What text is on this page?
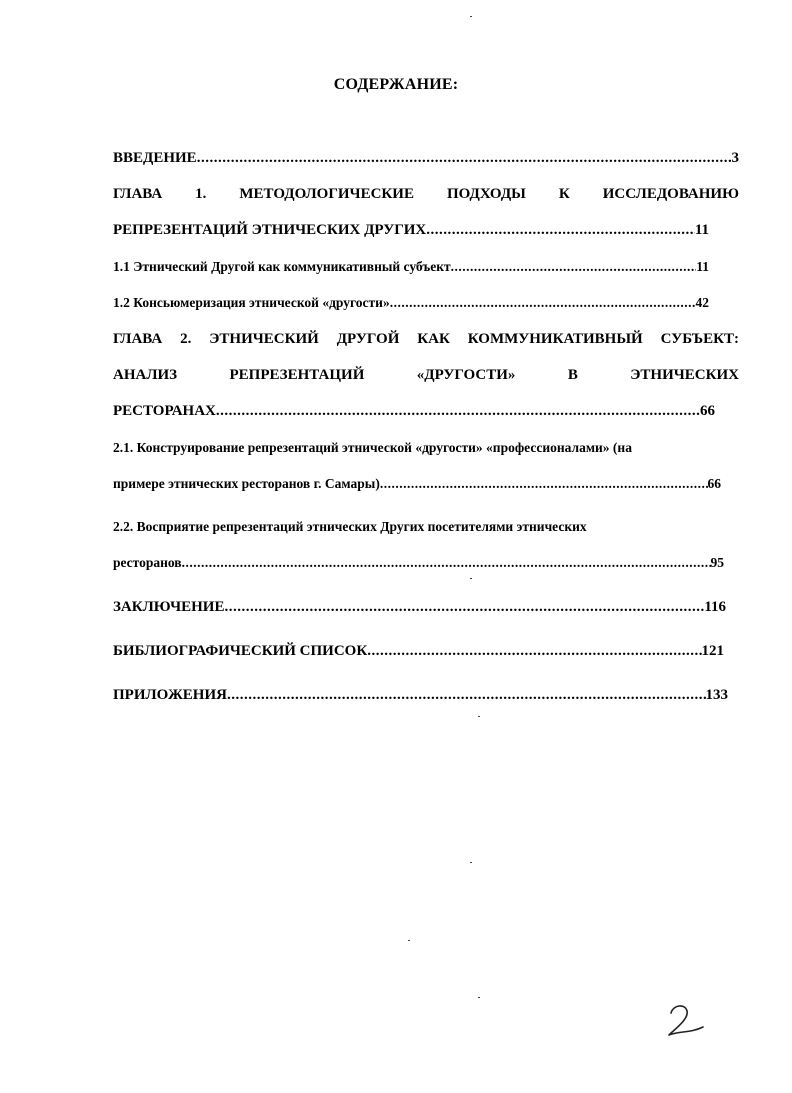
СОДЕРЖАНИЕ:
ВВЕДЕНИЕ .....	3
ГЛАВА 1. МЕТОДОЛОГИЧЕСКИЕ ПОДХОДЫ К ИССЛЕДОВАНИЮ
РЕПРЕЗЕНТАЦИЙ ЭТНИЧЕСКИХ ДРУГИХ .....	11
1.1 Этнический Другой как коммуникативный субъект .....	11
1.2 Консьюмеризация этнической «другости» .....	42
ГЛАВА 2. ЭТНИЧЕСКИЙ ДРУГОЙ КАК КОММУНИКАТИВНЫЙ СУБЪЕКТ:
АНАЛИЗ	РЕПРЕЗЕНТАЦИЙ	«ДРУГОСТИ»	В	ЭТНИЧЕСКИХ
РЕСТОРАНАХ .....	66
2.1. Конструирование репрезентаций этнической «другости» «профессионалами» (на
примере этнических ресторанов г. Самары) .....	66
2.2. Восприятие репрезентаций этнических Других посетителями этнических
ресторанов .....	95
ЗАКЛЮЧЕНИЕ .....	116
БИБЛИОГРАФИЧЕСКИЙ СПИСОК .....	121
ПРИЛОЖЕНИЯ .....	133
